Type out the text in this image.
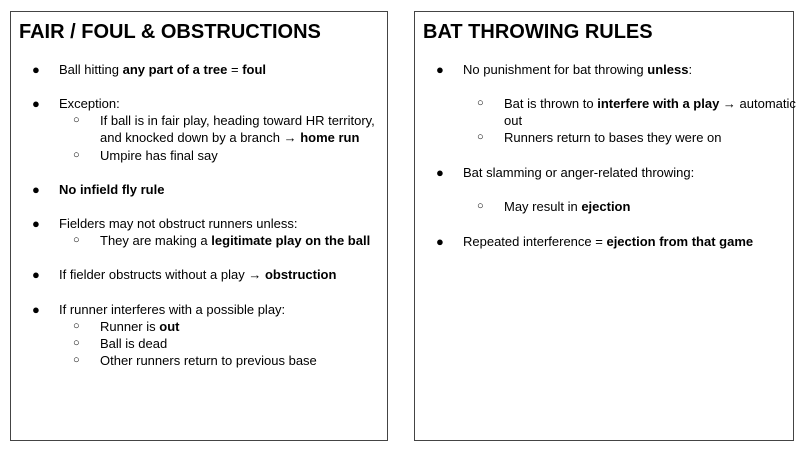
FAIR / FOUL & OBSTRUCTIONS
● Ball hitting any part of a tree = foul
● Exception:
○ If ball is in fair play, heading toward HR territory,
and knocked down by a branch → home run
○ Umpire has final say
● No infield fly rule
● Fielders may not obstruct runners unless:
○ They are making a legitimate play on the ball
● If fielder obstructs without a play → obstruction
● If runner interferes with a possible play:
○ Runner is out
○ Ball is dead
○ Other runners return to previous base
BAT THROWING RULES
● No punishment for bat throwing unless:
○ Bat is thrown to interfere with a play → automatic
out
○ Runners return to bases they were on
● Bat slamming or anger-related throwing:
○ May result in ejection
● Repeated interference = ejection from that game
